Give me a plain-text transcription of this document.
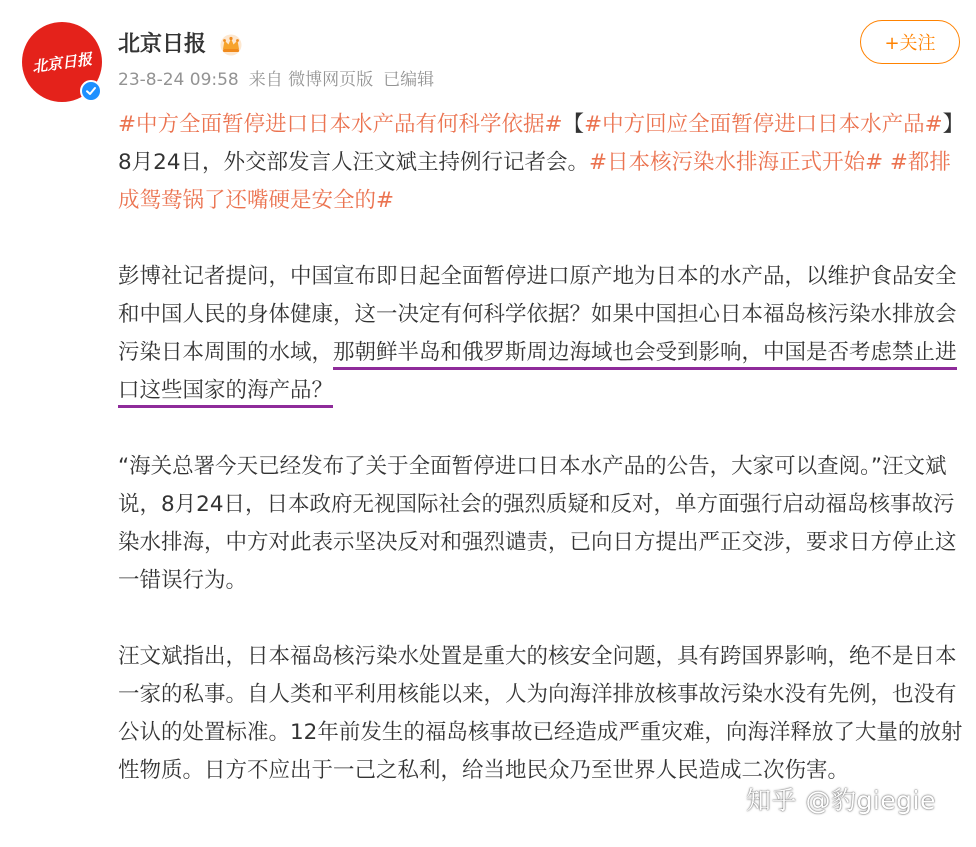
北京日报
北京日报
23-8-24 09:58 来自 微博网页版 已编辑
+关注

#中方全面暂停进口日本水产品有何科学依据#【#中方回应全面暂停进口日本水产品#】8月24日，外交部发言人汪文斌主持例行记者会。#日本核污染水排海正式开始# #都排成鸳鸯锅了还嘴硬是安全的#

彭博社记者提问，中国宣布即日起全面暂停进口原产地为日本的水产品，以维护食品安全和中国人民的身体健康，这一决定有何科学依据？如果中国担心日本福岛核污染水排放会污染日本周围的水域，那朝鲜半岛和俄罗斯周边海域也会受到影响，中国是否考虑禁止进口这些国家的海产品？

“海关总署今天已经发布了关于全面暂停进口日本水产品的公告，大家可以查阅。”汪文斌说，8月24日，日本政府无视国际社会的强烈质疑和反对，单方面强行启动福岛核事故污染水排海，中方对此表示坚决反对和强烈谴责，已向日方提出严正交涉，要求日方停止这一错误行为。

汪文斌指出，日本福岛核污染水处置是重大的核安全问题，具有跨国界影响，绝不是日本一家的私事。自人类和平利用核能以来，人为向海洋排放核事故污染水没有先例，也没有公认的处置标准。12年前发生的福岛核事故已经造成严重灾难，向海洋释放了大量的放射性物质。日方不应出于一己之私利，给当地民众乃至世界人民造成二次伤害。

知乎 @豹giegie
